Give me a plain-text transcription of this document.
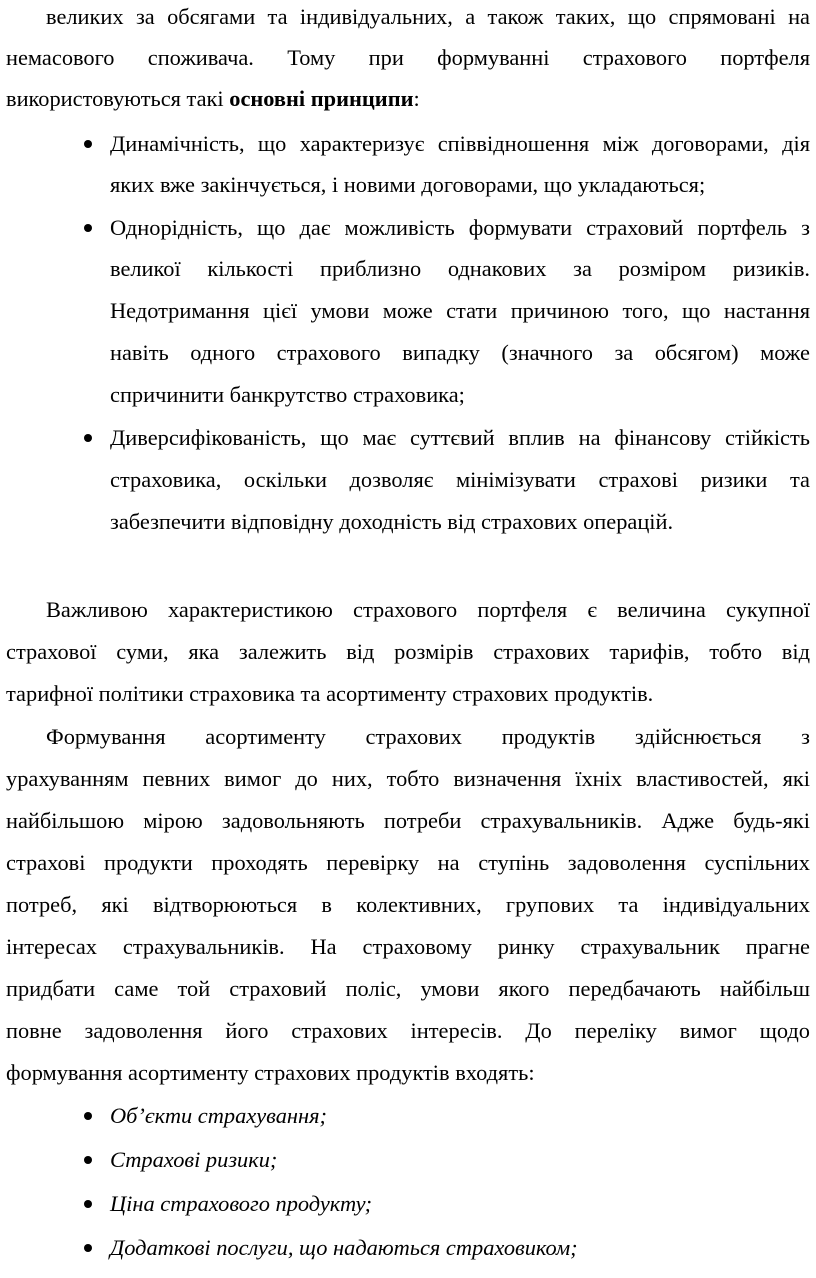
великих за обсягами та індивідуальних, а також таких, що спрямовані на
немасового споживача. Тому при формуванні страхового портфеля
використовуються такі основні принципи:
Динамічність, що характеризує співвідношення між договорами, дія
яких вже закінчується, і новими договорами, що укладаються;
Однорідність, що дає можливість формувати страховий портфель з
великої кількості приблизно однакових за розміром ризиків.
Недотримання цієї умови може стати причиною того, що настання
навіть одного страхового випадку (значного за обсягом) може
спричинити банкрутство страховика;
Диверсифікованість, що має суттєвий вплив на фінансову стійкість
страховика, оскільки дозволяє мінімізувати страхові ризики та
забезпечити відповідну доходність від страхових операцій.
Важливою характеристикою страхового портфеля є величина сукупної
страхової суми, яка залежить від розмірів страхових тарифів, тобто від
тарифної політики страховика та асортименту страхових продуктів.
Формування асортименту страхових продуктів здійснюється з
урахуванням певних вимог до них, тобто визначення їхніх властивостей, які
найбільшою мірою задовольняють потреби страхувальників. Адже будь-які
страхові продукти проходять перевірку на ступінь задоволення суспільних
потреб, які відтворюються в колективних, групових та індивідуальних
інтересах страхувальників. На страховому ринку страхувальник прагне
придбати саме той страховий поліс, умови якого передбачають найбільш
повне задоволення його страхових інтересів. До переліку вимог щодо
формування асортименту страхових продуктів входять:
Об’єкти страхування;
Страхові ризики;
Ціна страхового продукту;
Додаткові послуги, що надаються страховиком;
